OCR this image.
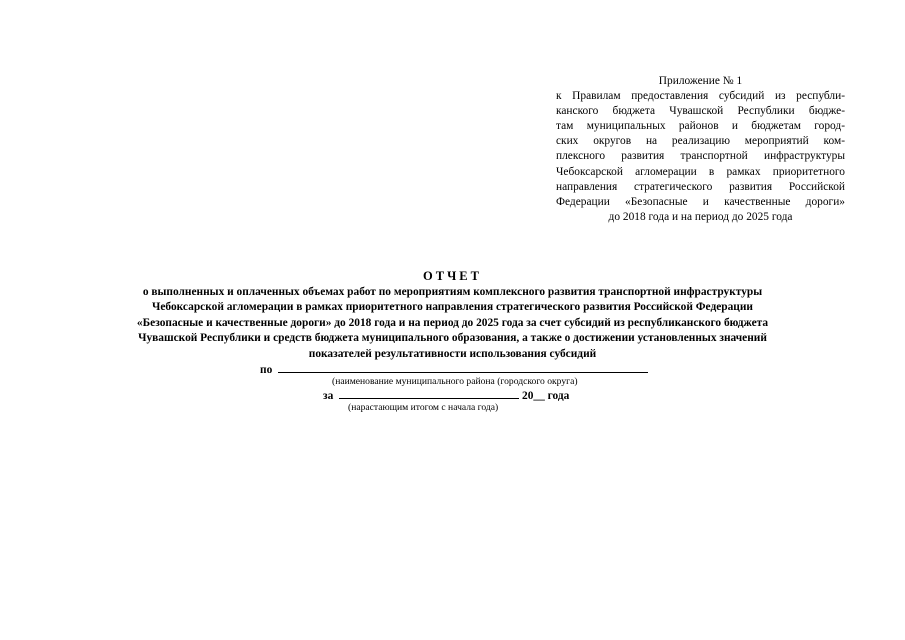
Приложение № 1
к Правилам предоставления субсидий из республи-
канского бюджета Чувашской Республики бюдже-
там муниципальных районов и бюджетам город-
ских округов на реализацию мероприятий ком-
плексного развития транспортной инфраструктуры
Чебоксарской агломерации в рамках приоритетного
направления стратегического развития Российской
Федерации «Безопасные и качественные дороги»
до 2018 года и на период до 2025 года
ОТЧЕТ
о выполненных и оплаченных объемах работ по мероприятиям комплексного развития транспортной инфраструктуры
Чебоксарской агломерации в рамках приоритетного направления стратегического развития Российской Федерации
«Безопасные и качественные дороги» до 2018 года и на период до 2025 года за счет субсидий из республиканского бюджета
Чувашской Республики и средств бюджета муниципального образования, а также о достижении установленных значений
показателей результативности использования субсидий
по
(наименование муниципального района (городского округа)
за	20__ года
(нарастающим итогом с начала года)
